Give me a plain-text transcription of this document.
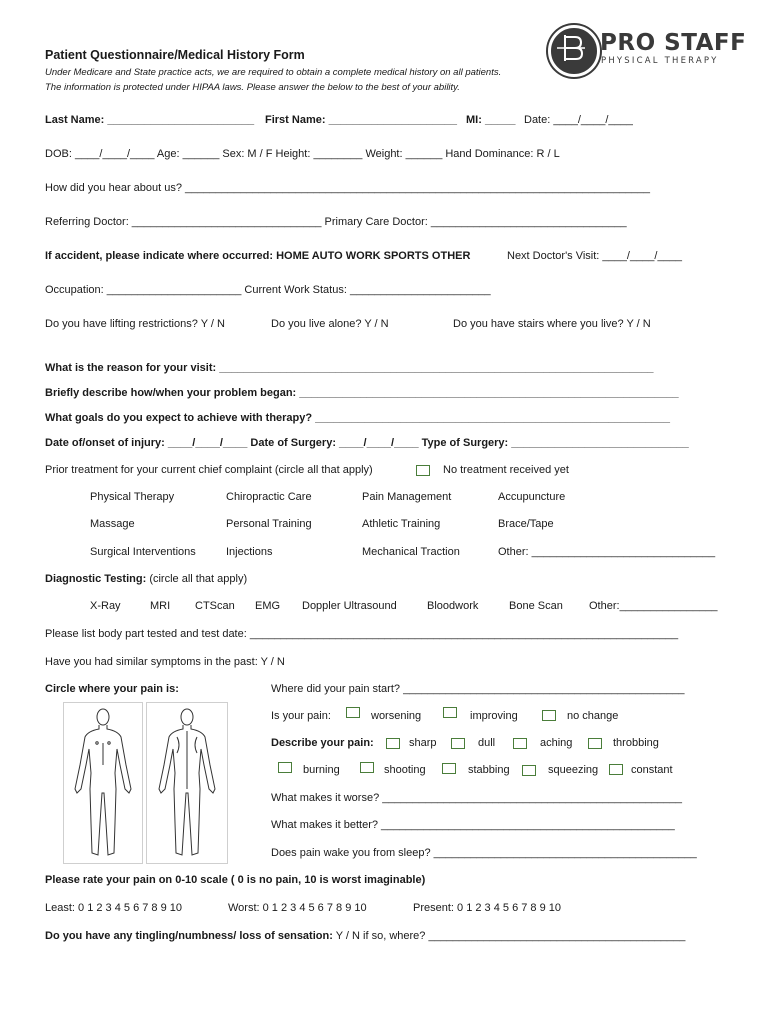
PRO STAFF
PHYSICAL THERAPY
Patient Questionnaire/Medical History Form
Under Medicare and State practice acts, we are required to obtain a complete medical history on all patients.
The information is protected under HIPAA laws. Please answer the below to the best of your ability.
Last Name: ________________________ First Name: _____________________ MI: _____ Date: ____/____/____
DOB: ____/____/____ Age: ______ Sex: M / F Height: ________ Weight: ______ Hand Dominance: R / L
How did you hear about us? ____________________________________________________________________________
Referring Doctor: _______________________________ Primary Care Doctor: ________________________________
If accident, please indicate where occurred: HOME AUTO WORK SPORTS OTHER	Next Doctor's Visit: ____/____/____
Occupation: ______________________ Current Work Status: _______________________
Do you have lifting restrictions? Y / N	Do you live alone? Y / N	Do you have stairs where you live? Y / N
What is the reason for your visit: _______________________________________________________________________
Briefly describe how/when your problem began: ______________________________________________________________
What goals do you expect to achieve with therapy? __________________________________________________________
Date of/onset of injury: ____/____/____ Date of Surgery: ____/____/____ Type of Surgery: _____________________________
Prior treatment for your current chief complaint (circle all that apply)	No treatment received yet
Physical Therapy	Chiropractic Care	Pain Management	Accupuncture
Massage	Personal Training	Athletic Training	Brace/Tape
Surgical Interventions	Injections	Mechanical Traction	Other: ______________________________
Diagnostic Testing: (circle all that apply)
X-Ray	MRI CTScan EMG Doppler Ultrasound	Bloodwork	Bone Scan Other:________________
Please list body part tested and test date: ______________________________________________________________________
Have you had similar symptoms in the past: Y / N
Circle where your pain is:	Where did your pain start? ______________________________________________
Is your pain:	worsening	improving	no change
Describe your pain:	sharp	dull	aching	throbbing
burning	shooting	stabbing	squeezing	constant
What makes it worse? _________________________________________________
What makes it better? ________________________________________________
Does pain wake you from sleep? ___________________________________________
Please rate your pain on 0-10 scale ( 0 is no pain, 10 is worst imaginable)
Least: 0 1 2 3 4 5 6 7 8 9 10	Worst: 0 1 2 3 4 5 6 7 8 9 10	Present: 0 1 2 3 4 5 6 7 8 9 10
Do you have any tingling/numbness/ loss of sensation: Y / N if so, where? __________________________________________
